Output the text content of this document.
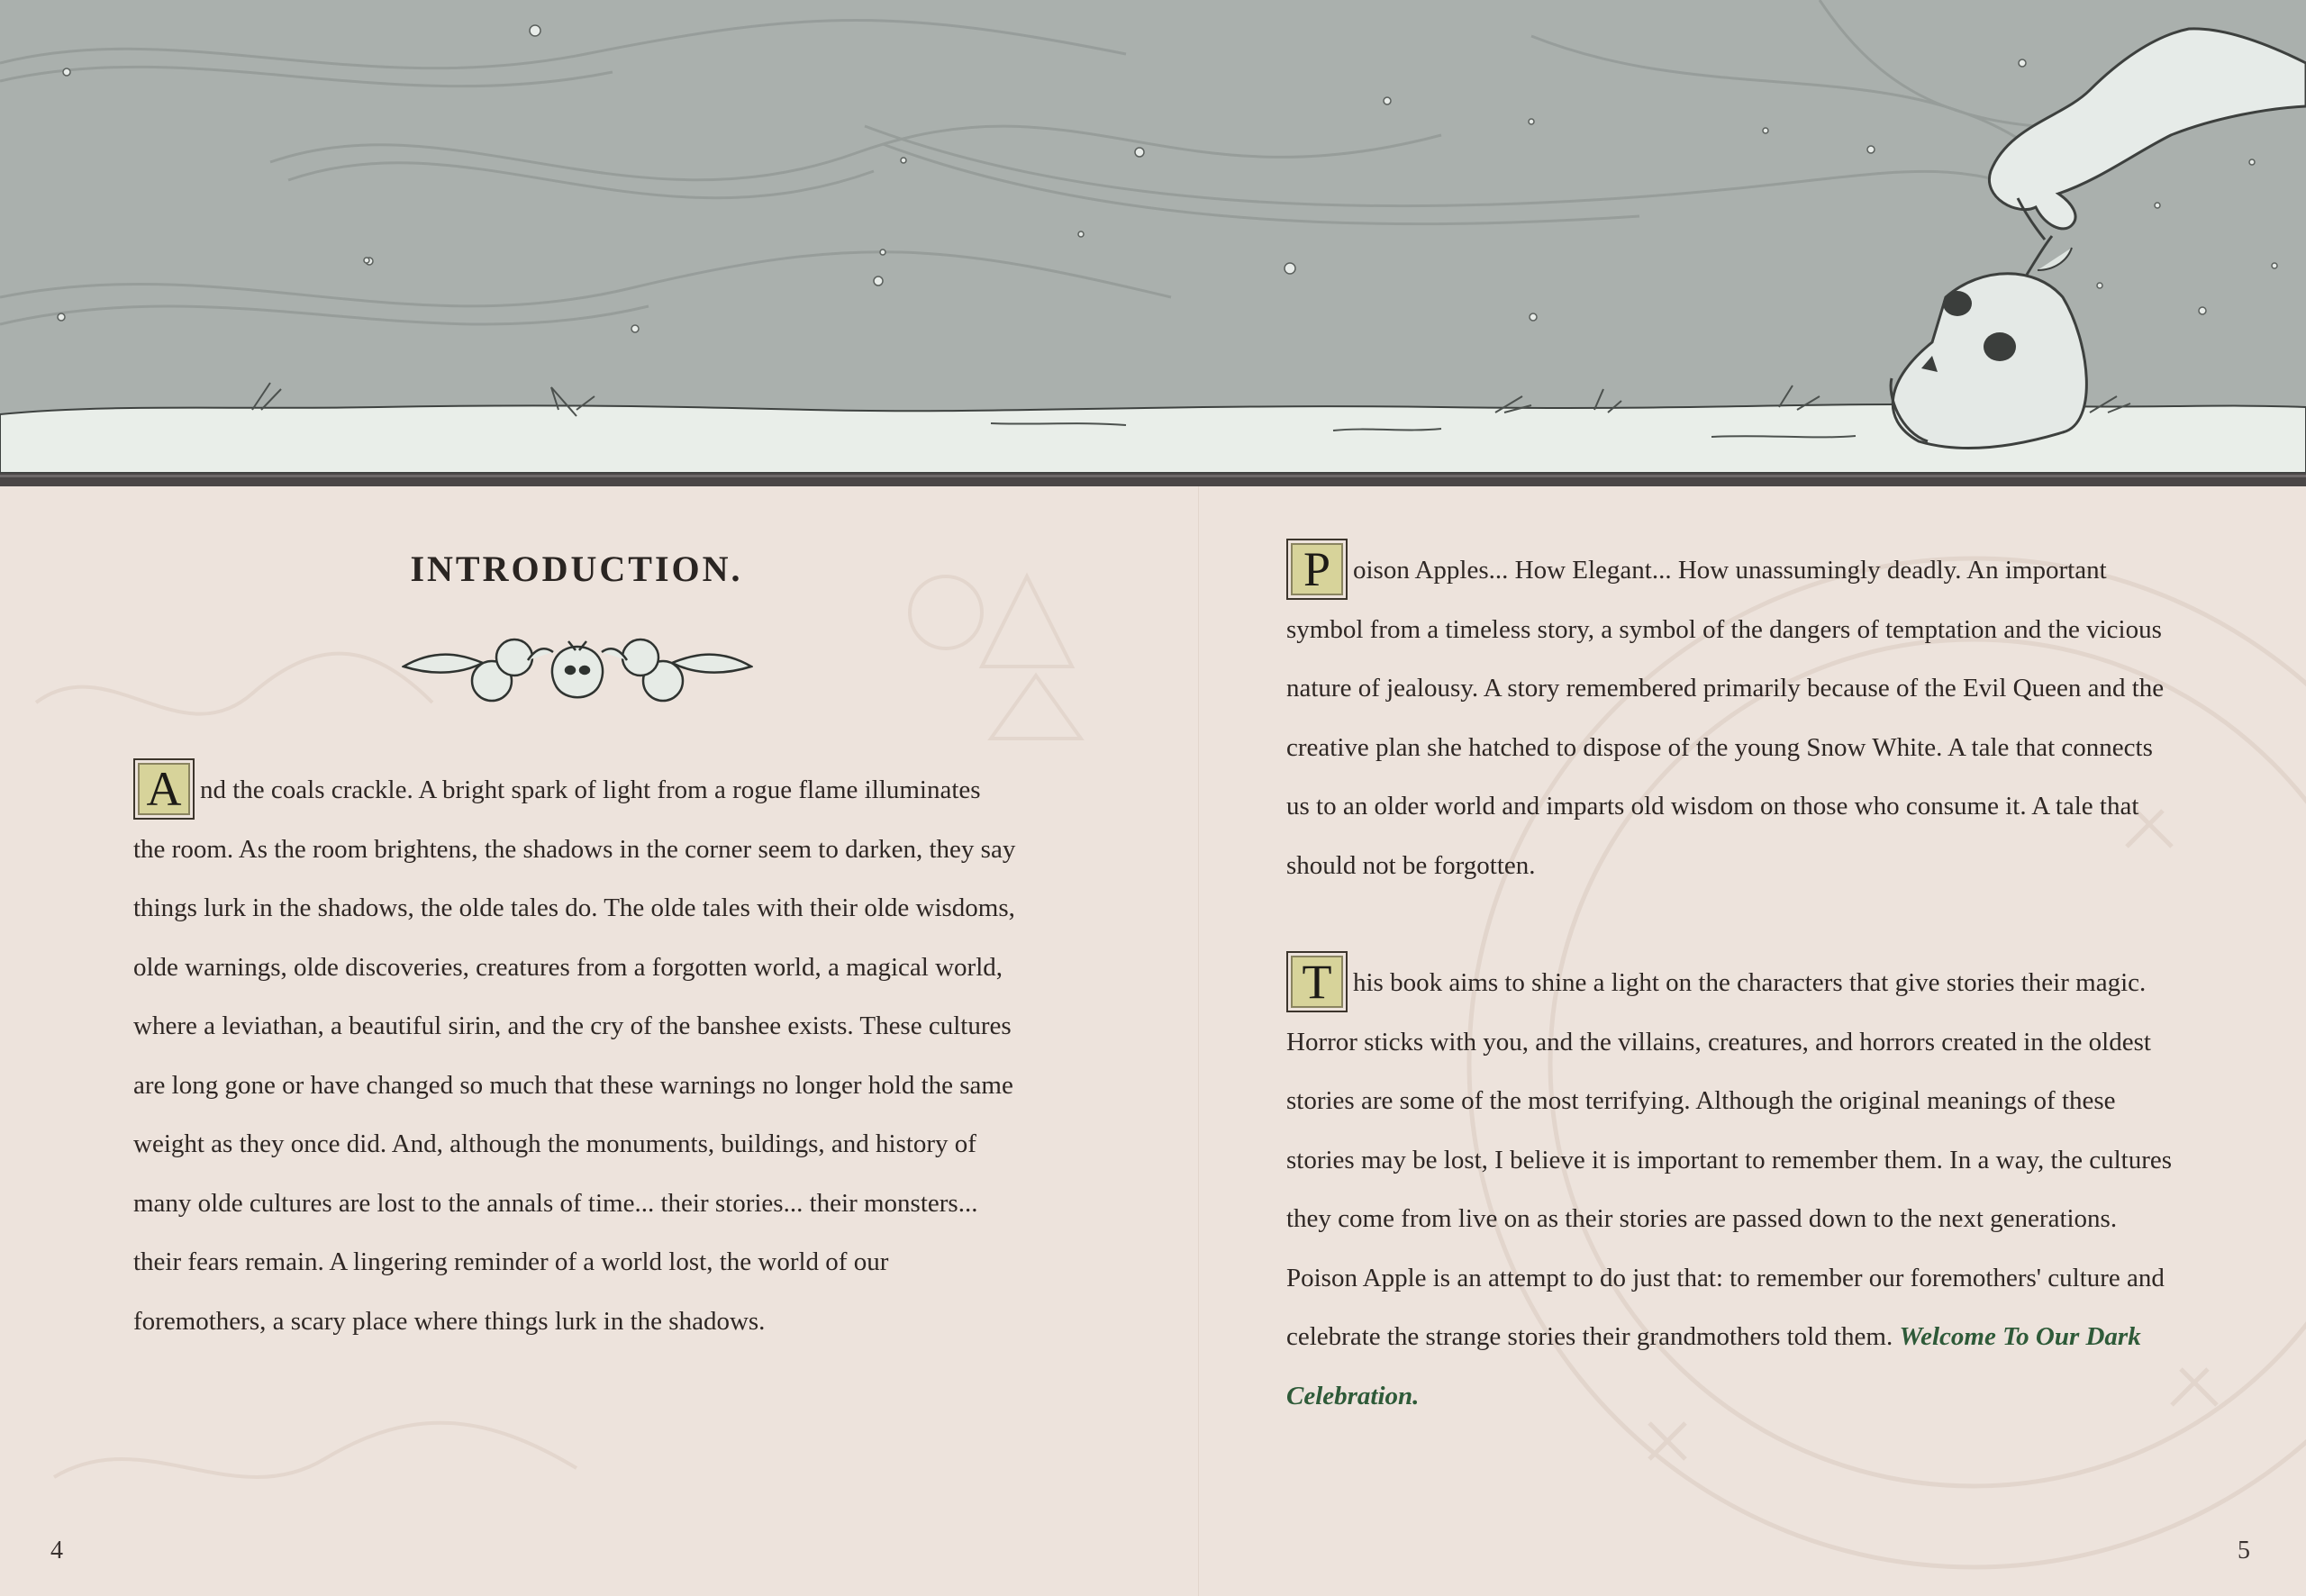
INTRODUCTION.

A nd the coals crackle. A bright spark of light from a rogue flame illuminates the room. As the room brightens, the shadows in the corner seem to darken, they say things lurk in the shadows, the olde tales do. The olde tales with their olde wisdoms, olde warnings, olde discoveries, creatures from a forgotten world, a magical world, where a leviathan, a beautiful sirin, and the cry of the banshee exists. These cultures are long gone or have changed so much that these warnings no longer hold the same weight as they once did. And, although the monuments, buildings, and history of many olde cultures are lost to the annals of time... their stories... their monsters... their fears remain. A lingering reminder of a world lost, the world of our foremothers, a scary place where things lurk in the shadows.

P oison Apples... How Elegant... How unassumingly deadly. An important symbol from a timeless story, a symbol of the dangers of temptation and the vicious nature of jealousy. A story remembered primarily because of the Evil Queen and the creative plan she hatched to dispose of the young Snow White. A tale that connects us to an older world and imparts old wisdom on those who consume it. A tale that should not be forgotten.

T his book aims to shine a light on the characters that give stories their magic. Horror sticks with you, and the villains, creatures, and horrors created in the oldest stories are some of the most terrifying. Although the original meanings of these stories may be lost, I believe it is important to remember them. In a way, the cultures they come from live on as their stories are passed down to the next generations. Poison Apple is an attempt to do just that: to remember our foremothers' culture and celebrate the strange stories their grandmothers told them. Welcome To Our Dark Celebration.

4	5
